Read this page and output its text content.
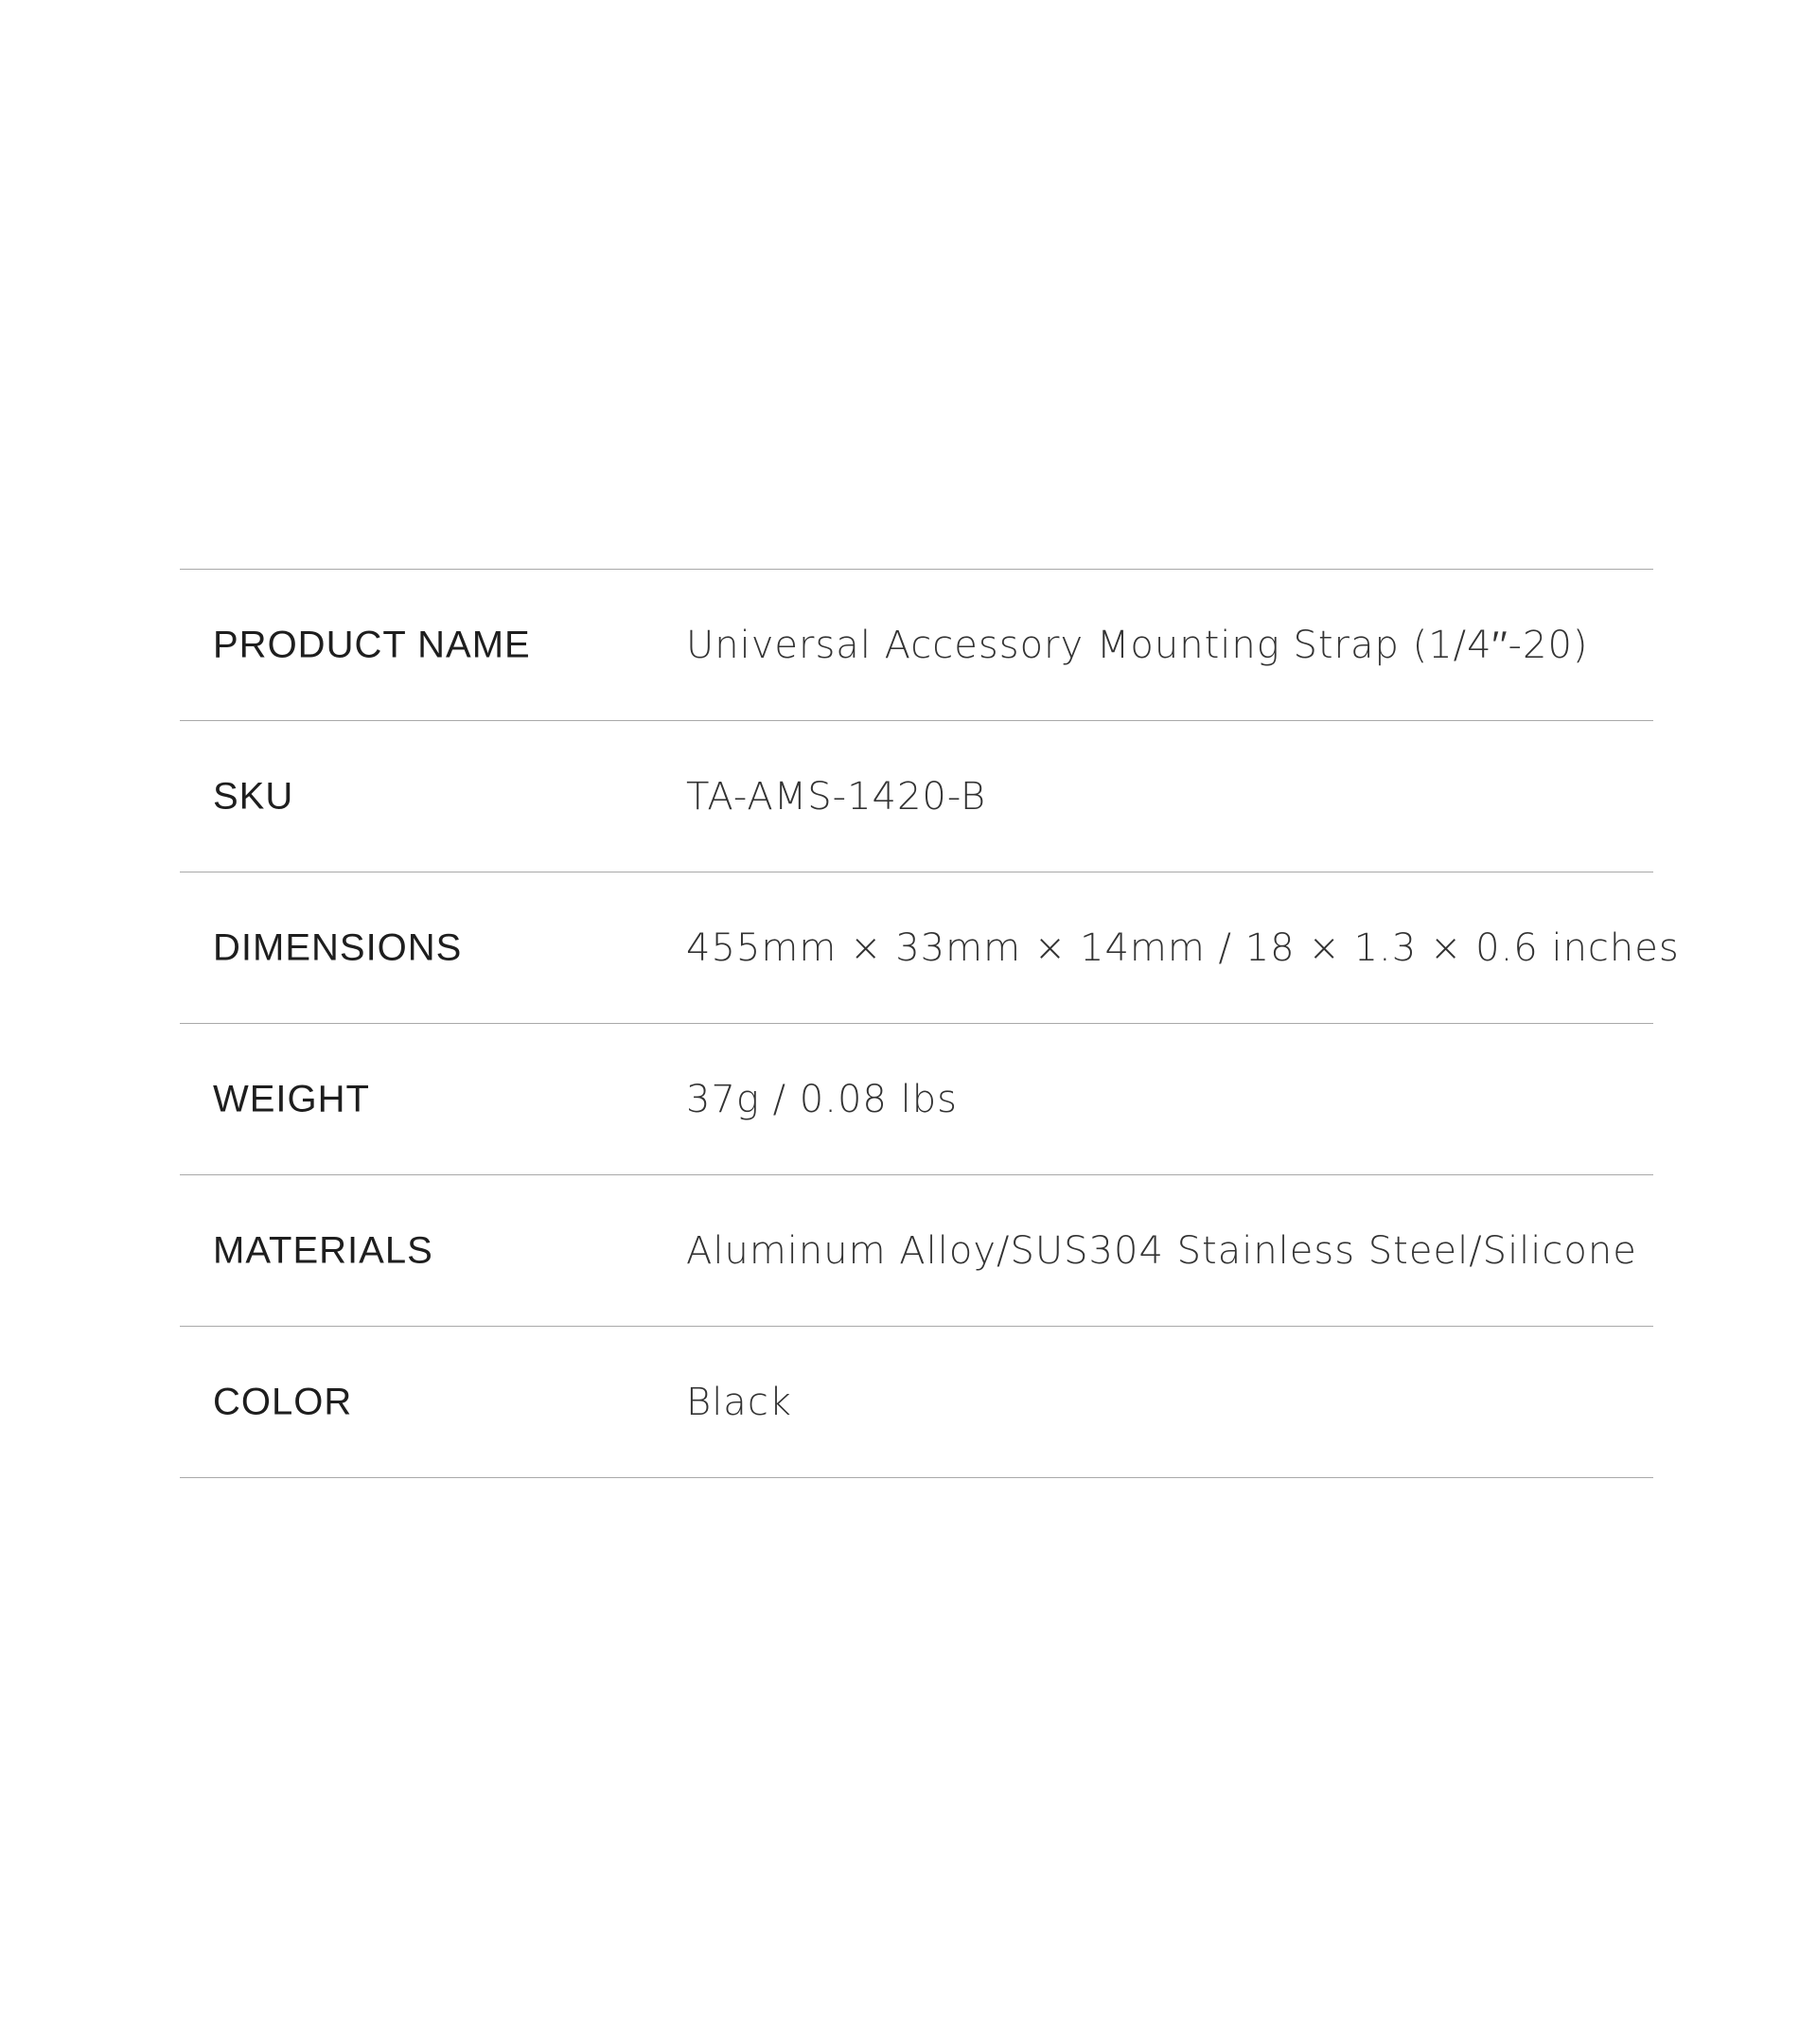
PRODUCT NAME	Universal Accessory Mounting Strap (1/4′′-20)
SKU	TA-AMS-1420-B
DIMENSIONS	455mm × 33mm × 14mm / 18 × 1.3 × 0.6 inches
WEIGHT	37g / 0.08 lbs
MATERIALS	Aluminum Alloy/SUS304 Stainless Steel/Silicone
COLOR	Black
